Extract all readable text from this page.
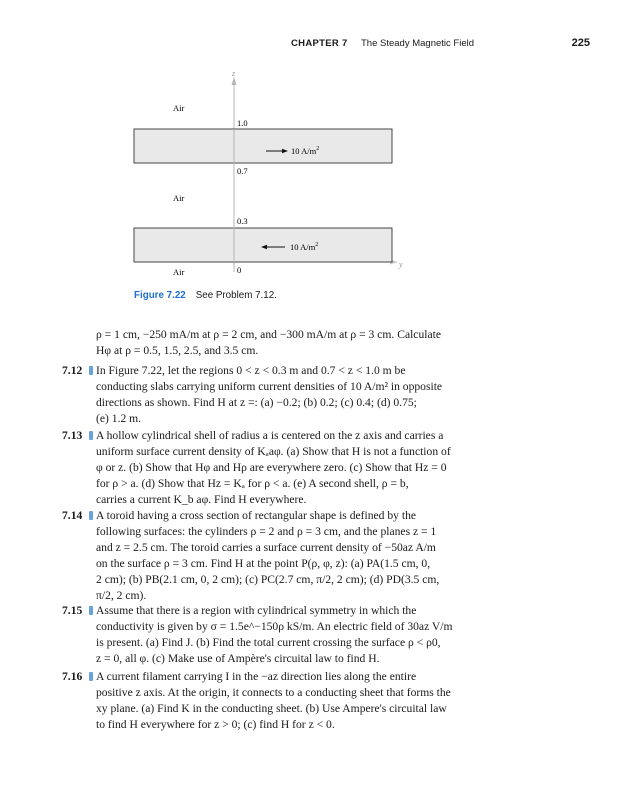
CHAPTER 7 The Steady Magnetic Field	225
z
y
Air
Air
Air
1.0
0.7
0.3
0
10 $A/m^2$
10 $A/m^2$
Figure 7.22 See Problem 7.12.
ρ = 1 cm, −250 mA/m at ρ = 2 cm, and −300 mA/m at ρ = 3 cm. Calculate
Hφ at ρ = 0.5, 1.5, 2.5, and 3.5 cm.
7.12 In Figure 7.22, let the regions 0 < z < 0.3 m and 0.7 < z < 1.0 m be
conducting slabs carrying uniform current densities of 10 A/m² in opposite
directions as shown. Find H at z =: (a) −0.2; (b) 0.2; (c) 0.4; (d) 0.75;
(e) 1.2 m.
7.13 A hollow cylindrical shell of radius a is centered on the z axis and carries a
uniform surface current density of Kₐaφ. (a) Show that H is not a function of
φ or z. (b) Show that Hφ and Hρ are everywhere zero. (c) Show that Hz = 0
for ρ > a. (d) Show that Hz = Kₐ for ρ < a. (e) A second shell, ρ = b,
carries a current K_b aφ. Find H everywhere.
7.14 A toroid having a cross section of rectangular shape is defined by the
following surfaces: the cylinders ρ = 2 and ρ = 3 cm, and the planes z = 1
and z = 2.5 cm. The toroid carries a surface current density of −50az A/m
on the surface ρ = 3 cm. Find H at the point P(ρ, φ, z): (a) PA(1.5 cm, 0,
2 cm); (b) PB(2.1 cm, 0, 2 cm); (c) PC(2.7 cm, π/2, 2 cm); (d) PD(3.5 cm,
π/2, 2 cm).
7.15 Assume that there is a region with cylindrical symmetry in which the
conductivity is given by σ = 1.5e^−150ρ kS/m. An electric field of 30az V/m
is present. (a) Find J. (b) Find the total current crossing the surface ρ < ρ0,
z = 0, all φ. (c) Make use of Ampère's circuital law to find H.
7.16 A current filament carrying I in the −az direction lies along the entire
positive z axis. At the origin, it connects to a conducting sheet that forms the
xy plane. (a) Find K in the conducting sheet. (b) Use Ampere's circuital law
to find H everywhere for z > 0; (c) find H for z < 0.
